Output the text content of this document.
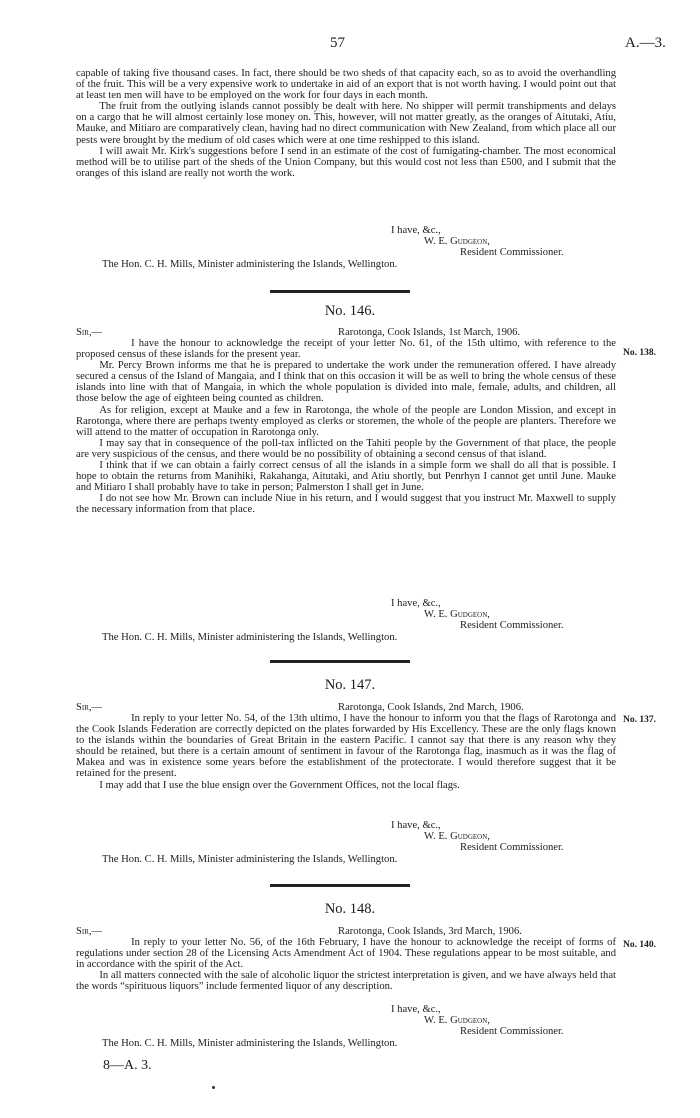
57	A.—3.

capable of taking five thousand cases. In fact, there should be two sheds of that capacity each, so as to avoid the overhandling of the fruit. This will be a very expensive work to undertake in aid of an export that is not worth having. I would point out that at least ten men will have to be employed on the work for four days in each month.

The fruit from the outlying islands cannot possibly be dealt with here. No shipper will permit transhipments and delays on a cargo that he will almost certainly lose money on. This, however, will not matter greatly, as the oranges of Aitutaki, Atiu, Mauke, and Mitiaro are comparatively clean, having had no direct communication with New Zealand, from which place all our pests were brought by the medium of old cases which were at one time reshipped to this island.

I will await Mr. Kirk's suggestions before I send in an estimate of the cost of fumigating-chamber. The most economical method will be to utilise part of the sheds of the Union Company, but this would cost not less than £500, and I submit that the oranges of this island are really not worth the work.

I have, &c.,
W. E. Gudgeon,
Resident Commissioner.
The Hon. C. H. Mills, Minister administering the Islands, Wellington.
No. 146.
Sir,—	Rarotonga, Cook Islands, 1st March, 1906.
No. 138.

I have the honour to acknowledge the receipt of your letter No. 61, of the 15th ultimo, with reference to the proposed census of these islands for the present year.

Mr. Percy Brown informs me that he is prepared to undertake the work under the remuneration offered. I have already secured a census of the Island of Mangaia, and I think that on this occasion it will be as well to bring the whole census of these islands into line with that of Mangaia, in which the whole population is divided into male, female, adults, and children, all those below the age of eighteen being counted as children.

As for religion, except at Mauke and a few in Rarotonga, the whole of the people are London Mission, and except in Rarotonga, where there are perhaps twenty employed as clerks or storemen, the whole of the people are planters. Therefore we will attend to the matter of occupation in Rarotonga only.

I may say that in consequence of the poll-tax inflicted on the Tahiti people by the Government of that place, the people are very suspicious of the census, and there would be no possibility of obtaining a second census of that island.

I think that if we can obtain a fairly correct census of all the islands in a simple form we shall do all that is possible. I hope to obtain the returns from Manihiki, Rakahanga, Aitutaki, and Atiu shortly, but Penrhyn I cannot get until June. Mauke and Mitiaro I shall probably have to take in person; Palmerston I shall get in June.

I do not see how Mr. Brown can include Niue in his return, and I would suggest that you instruct Mr. Maxwell to supply the necessary information from that place.

I have, &c.,
W. E. Gudgeon,
Resident Commissioner.
The Hon. C. H. Mills, Minister administering the Islands, Wellington.
No. 147.
Sir,—	Rarotonga, Cook Islands, 2nd March, 1906.
No. 137.

In reply to your letter No. 54, of the 13th ultimo, I have the honour to inform you that the flags of Rarotonga and the Cook Islands Federation are correctly depicted on the plates forwarded by His Excellency. These are the only flags known to the islands within the boundaries of Great Britain in the eastern Pacific. I cannot say that there is any reason why they should be retained, but there is a certain amount of sentiment in favour of the Rarotonga flag, inasmuch as it was the flag of Makea and was in existence some years before the establishment of the protectorate. I would therefore suggest that it be retained for the present.

I may add that I use the blue ensign over the Government Offices, not the local flags.

I have, &c.,
W. E. Gudgeon,
Resident Commissioner.
The Hon. C. H. Mills, Minister administering the Islands, Wellington.
No. 148.
Sir,—	Rarotonga, Cook Islands, 3rd March, 1906.
No. 140.

In reply to your letter No. 56, of the 16th February, I have the honour to acknowledge the receipt of forms of regulations under section 28 of the Licensing Acts Amendment Act of 1904. These regulations appear to be most suitable, and in accordance with the spirit of the Act.

In all matters connected with the sale of alcoholic liquor the strictest interpretation is given, and we have always held that the words “spirituous liquors” include fermented liquor of any description.

I have, &c.,
W. E. Gudgeon,
Resident Commissioner.
The Hon. C. H. Mills, Minister administering the Islands, Wellington.
8—A. 3.
